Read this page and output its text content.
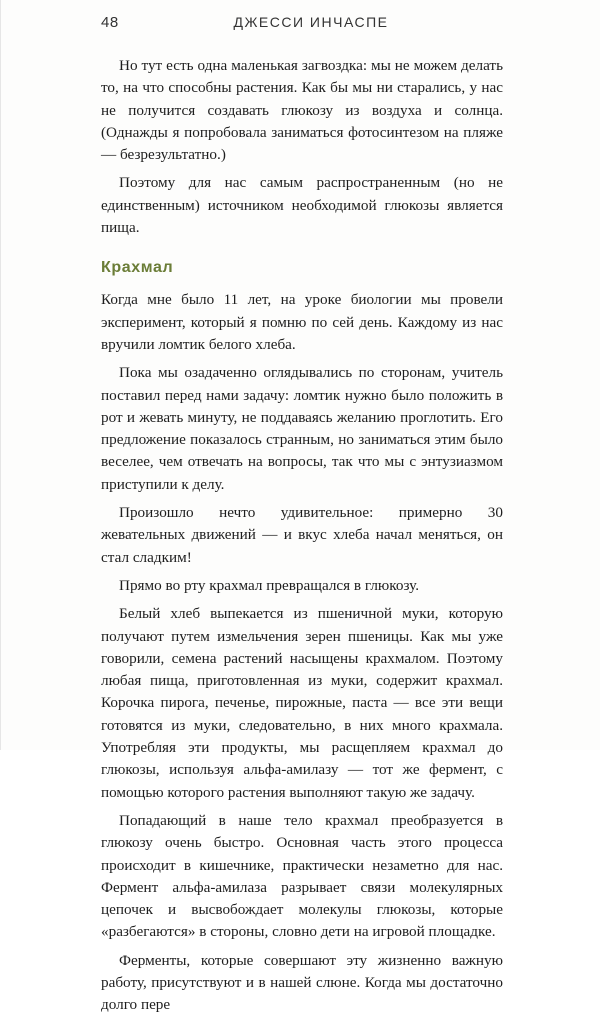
48	ДЖЕССИ ИНЧАСПЕ

Но тут есть одна маленькая загвоздка: мы не можем делать то, на что способны растения. Как бы мы ни старались, у нас не получится создавать глюкозу из воздуха и солнца. (Однажды я попробовала заниматься фотосинтезом на пляже — безрезультатно.)

Поэтому для нас самым распространенным (но не единственным) источником необходимой глюкозы является пища.

Крахмал

Когда мне было 11 лет, на уроке биологии мы провели эксперимент, который я помню по сей день. Каждому из нас вручили ломтик белого хлеба.

Пока мы озадаченно оглядывались по сторонам, учитель поставил перед нами задачу: ломтик нужно было положить в рот и жевать минуту, не поддаваясь желанию проглотить. Его предложение показалось странным, но заниматься этим было веселее, чем отвечать на вопросы, так что мы с энтузиазмом приступили к делу.

Произошло нечто удивительное: примерно 30 жевательных движений — и вкус хлеба начал меняться, он стал сладким!

Прямо во рту крахмал превращался в глюкозу.

Белый хлеб выпекается из пшеничной муки, которую получают путем измельчения зерен пшеницы. Как мы уже говорили, семена растений насыщены крахмалом. Поэтому любая пища, приготовленная из муки, содержит крахмал. Корочка пирога, печенье, пирожные, паста — все эти вещи готовятся из муки, следовательно, в них много крахмала. Употребляя эти продукты, мы расщепляем крахмал до глюкозы, используя альфа-амилазу — тот же фермент, с помощью которого растения выполняют такую же задачу.

Попадающий в наше тело крахмал преобразуется в глюкозу очень быстро. Основная часть этого процесса происходит в кишечнике, практически незаметно для нас. Фермент альфа-амилаза разрывает связи молекулярных цепочек и высвобождает молекулы глюкозы, которые «разбегаются» в стороны, словно дети на игровой площадке.

Ферменты, которые совершают эту жизненно важную работу, присутствуют и в нашей слюне. Когда мы достаточно долго пере
